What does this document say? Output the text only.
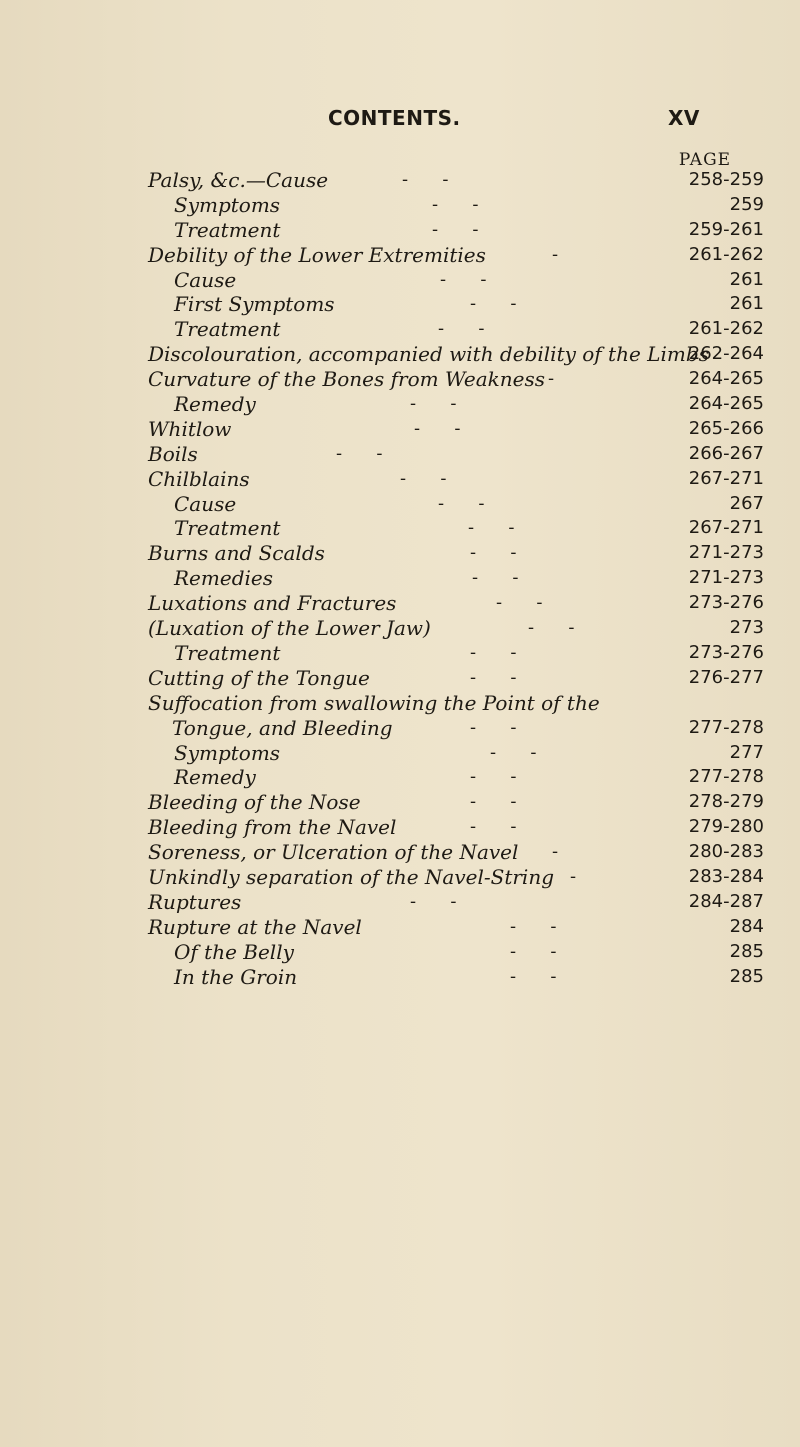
CONTENTS.	XV
PAGE
Palsy, &c.—Cause	-      -	258-259
Symptoms	-      -	259
Treatment	-      -	259-261
Debility of the Lower Extremities	-	261-262
Cause	-      -	261
First Symptoms	-      -	261
Treatment	-      -	261-262
Discolouration, accompanied with debility of the Limbs
262-264
Curvature of the Bones from Weakness -	264-265
Remedy	-      -	264-265
Whitlow	-      -	265-266
Boils	-      -	266-267
Chilblains	-      -	267-271
Cause	-      -	267
Treatment	-      -	267-271
Burns and Scalds	-      -	271-273
Remedies	-      -	271-273
Luxations and Fractures	-      -	273-276
(Luxation of the Lower Jaw)	-      -	273
Treatment	-      -	273-276
Cutting of the Tongue	-      -	276-277
Suffocation from swallowing the Point of the
Tongue, and Bleeding	-      -	277-278
Symptoms	-      -	277
Remedy	-      -	277-278
Bleeding of the Nose	-      -	278-279
Bleeding from the Navel	-      -	279-280
Soreness, or Ulceration of the Navel -	280-283
Unkindly separation of the Navel-String -	283-284
Ruptures	-      -	284-287
Rupture at the Navel	-      -	284
Of the Belly	-      -	285
In the Groin	-      -	285
